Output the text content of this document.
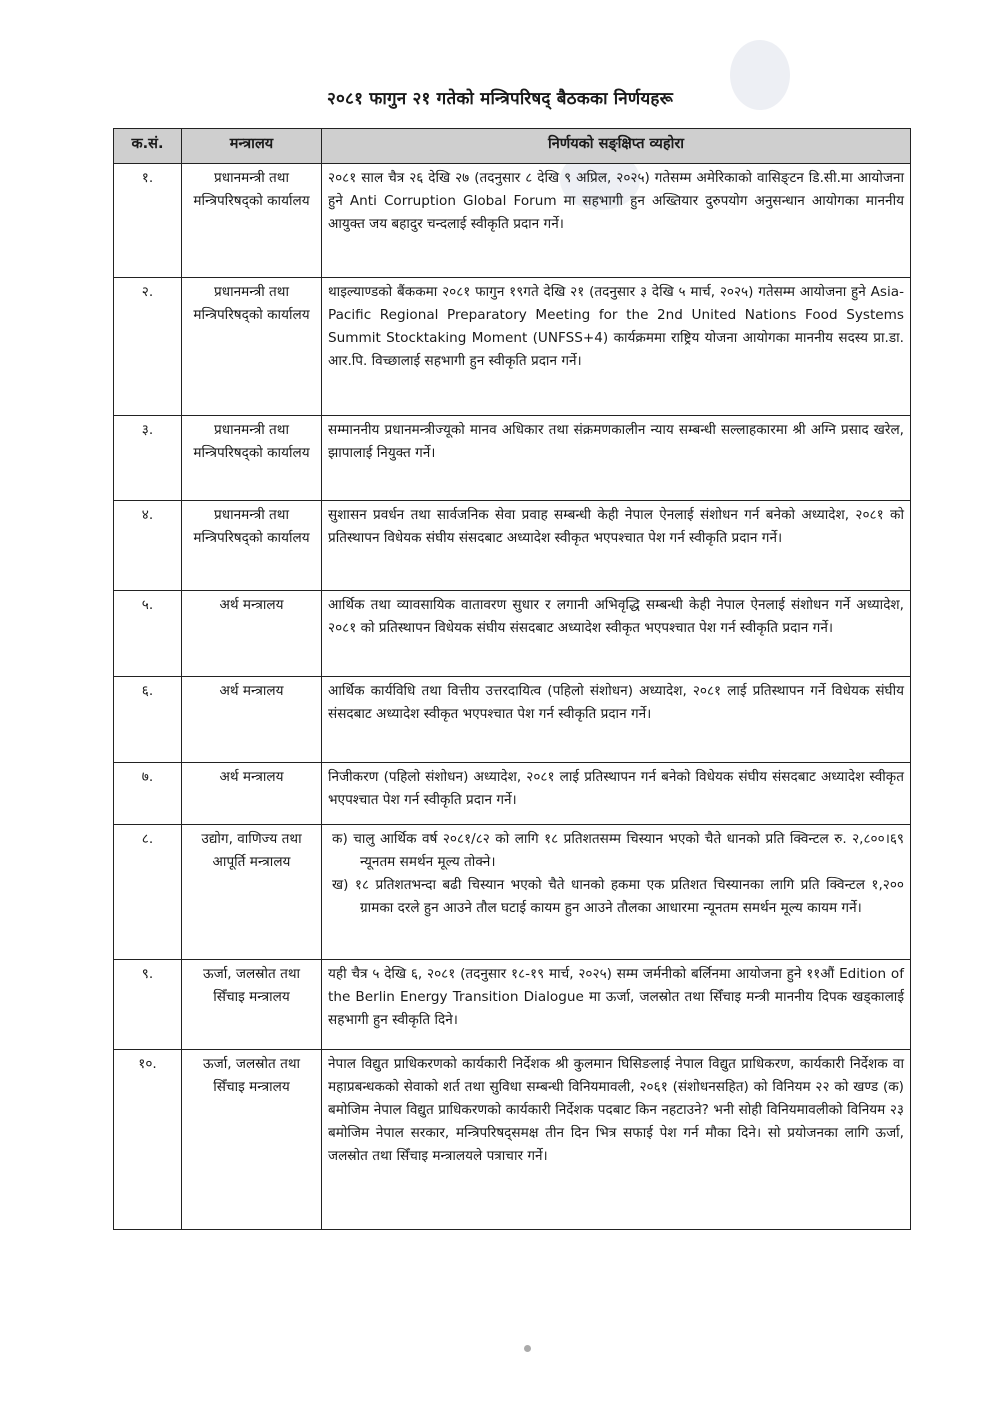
२०८१ फागुन २१ गतेको मन्त्रिपरिषद् बैठकका निर्णयहरू
क.सं.	मन्त्रालय	निर्णयको सङ्क्षिप्त व्यहोरा
१.	प्रधानमन्त्री तथा मन्त्रिपरिषद्को कार्यालय	२०८१ साल चैत्र २६ देखि २७ (तदनुसार ८ देखि ९ अप्रिल, २०२५) गतेसम्म अमेरिकाको वासिङ्टन डि.सी.मा आयोजना हुने Anti Corruption Global Forum मा सहभागी हुन अख्तियार दुरुपयोग अनुसन्धान आयोगका माननीय आयुक्त जय बहादुर चन्दलाई स्वीकृति प्रदान गर्ने।
२.	प्रधानमन्त्री तथा मन्त्रिपरिषद्को कार्यालय	थाइल्याण्डको बैंककमा २०८१ फागुन १९गते देखि २१ (तदनुसार ३ देखि ५ मार्च, २०२५) गतेसम्म आयोजना हुने Asia-Pacific Regional Preparatory Meeting for the 2nd United Nations Food Systems Summit Stocktaking Moment (UNFSS+4) कार्यक्रममा राष्ट्रिय योजना आयोगका माननीय सदस्य प्रा.डा. आर.पि. विच्छालाई सहभागी हुन स्वीकृति प्रदान गर्ने।
३.	प्रधानमन्त्री तथा मन्त्रिपरिषद्को कार्यालय	सम्माननीय प्रधानमन्त्रीज्यूको मानव अधिकार तथा संक्रमणकालीन न्याय सम्बन्धी सल्लाहकारमा श्री अग्नि प्रसाद खरेल, झापालाई नियुक्त गर्ने।
४.	प्रधानमन्त्री तथा मन्त्रिपरिषद्को कार्यालय	सुशासन प्रवर्धन तथा सार्वजनिक सेवा प्रवाह सम्बन्धी केही नेपाल ऐनलाई संशोधन गर्न बनेको अध्यादेश, २०८१ को प्रतिस्थापन विधेयक संघीय संसदबाट अध्यादेश स्वीकृत भएपश्चात पेश गर्न स्वीकृति प्रदान गर्ने।
५.	अर्थ मन्त्रालय	आर्थिक तथा व्यावसायिक वातावरण सुधार र लगानी अभिवृद्धि सम्बन्धी केही नेपाल ऐनलाई संशोधन गर्ने अध्यादेश, २०८१ को प्रतिस्थापन विधेयक संघीय संसदबाट अध्यादेश स्वीकृत भएपश्चात पेश गर्न स्वीकृति प्रदान गर्ने।
६.	अर्थ मन्त्रालय	आर्थिक कार्यविधि तथा वित्तीय उत्तरदायित्व (पहिलो संशोधन) अध्यादेश, २०८१ लाई प्रतिस्थापन गर्ने विधेयक संघीय संसदबाट अध्यादेश स्वीकृत भएपश्चात पेश गर्न स्वीकृति प्रदान गर्ने।
७.	अर्थ मन्त्रालय	निजीकरण (पहिलो संशोधन) अध्यादेश, २०८१ लाई प्रतिस्थापन गर्न बनेको विधेयक संघीय संसदबाट अध्यादेश स्वीकृत भएपश्चात पेश गर्न स्वीकृति प्रदान गर्ने।
८.	उद्योग, वाणिज्य तथा आपूर्ति मन्त्रालय	क) चालु आर्थिक वर्ष २०८१/८२ को लागि १८ प्रतिशतसम्म चिस्यान भएको चैते धानको प्रति क्विन्टल रु. २,८००।६९ न्यूनतम समर्थन मूल्य तोक्ने।
ख) १८ प्रतिशतभन्दा बढी चिस्यान भएको चैते धानको हकमा एक प्रतिशत चिस्यानका लागि प्रति क्विन्टल १,२०० ग्रामका दरले हुन आउने तौल घटाई कायम हुन आउने तौलका आधारमा न्यूनतम समर्थन मूल्य कायम गर्ने।

९.	ऊर्जा, जलस्रोत तथा सिँचाइ मन्त्रालय	यही चैत्र ५ देखि ६, २०८१ (तदनुसार १८-१९ मार्च, २०२५) सम्म जर्मनीको बर्लिनमा आयोजना हुने ११औं Edition of the Berlin Energy Transition Dialogue मा ऊर्जा, जलस्रोत तथा सिँचाइ मन्त्री माननीय दिपक खड्कालाई सहभागी हुन स्वीकृति दिने।
१०.	ऊर्जा, जलस्रोत तथा सिँचाइ मन्त्रालय	नेपाल विद्युत प्राधिकरणको कार्यकारी निर्देशक श्री कुलमान घिसिङलाई नेपाल विद्युत प्राधिकरण, कार्यकारी निर्देशक वा महाप्रबन्धकको सेवाको शर्त तथा सुविधा सम्बन्धी विनियमावली, २०६१ (संशोधनसहित) को विनियम २२ को खण्ड (क) बमोजिम नेपाल विद्युत प्राधिकरणको कार्यकारी निर्देशक पदबाट किन नहटाउने? भनी सोही विनियमावलीको विनियम २३ बमोजिम नेपाल सरकार, मन्त्रिपरिषद्समक्ष तीन दिन भित्र सफाई पेश गर्न मौका दिने। सो प्रयोजनका लागि ऊर्जा, जलस्रोत तथा सिँचाइ मन्त्रालयले पत्राचार गर्ने।
